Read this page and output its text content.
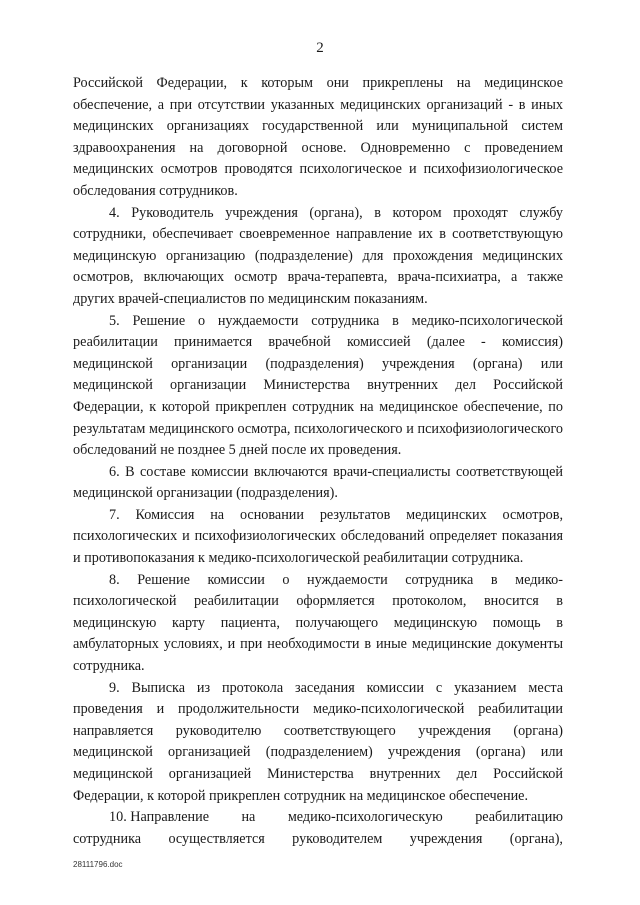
2

Российской Федерации, к которым они прикреплены на медицинское обеспечение, а при отсутствии указанных медицинских организаций - в иных медицинских организациях государственной или муниципальной систем здравоохранения на договорной основе. Одновременно с проведением медицинских осмотров проводятся психологическое и психофизиологическое обследования сотрудников.

4. Руководитель учреждения (органа), в котором проходят службу сотрудники, обеспечивает своевременное направление их в соответствующую медицинскую организацию (подразделение) для прохождения медицинских осмотров, включающих осмотр врача-терапевта, врача-психиатра, а также других врачей-специалистов по медицинским показаниям.

5. Решение о нуждаемости сотрудника в медико-психологической реабилитации принимается врачебной комиссией (далее - комиссия) медицинской организации (подразделения) учреждения (органа) или медицинской организации Министерства внутренних дел Российской Федерации, к которой прикреплен сотрудник на медицинское обеспечение, по результатам медицинского осмотра, психологического и психофизиологического обследований не позднее 5 дней после их проведения.

6. В составе комиссии включаются врачи-специалисты соответствующей медицинской организации (подразделения).

7. Комиссия на основании результатов медицинских осмотров, психологических и психофизиологических обследований определяет показания и противопоказания к медико-психологической реабилитации сотрудника.

8. Решение комиссии о нуждаемости сотрудника в медико-психологической реабилитации оформляется протоколом, вносится в медицинскую карту пациента, получающего медицинскую помощь в амбулаторных условиях, и при необходимости в иные медицинские документы сотрудника.

9. Выписка из протокола заседания комиссии с указанием места проведения и продолжительности медико-психологической реабилитации направляется руководителю соответствующего учреждения (органа) медицинской организацией (подразделением) учреждения (органа) или медицинской организацией Министерства внутренних дел Российской Федерации, к которой прикреплен сотрудник на медицинское обеспечение.

10. Направление на медико-психологическую реабилитацию
сотрудника осуществляется руководителем учреждения (органа),
28111796.doc
